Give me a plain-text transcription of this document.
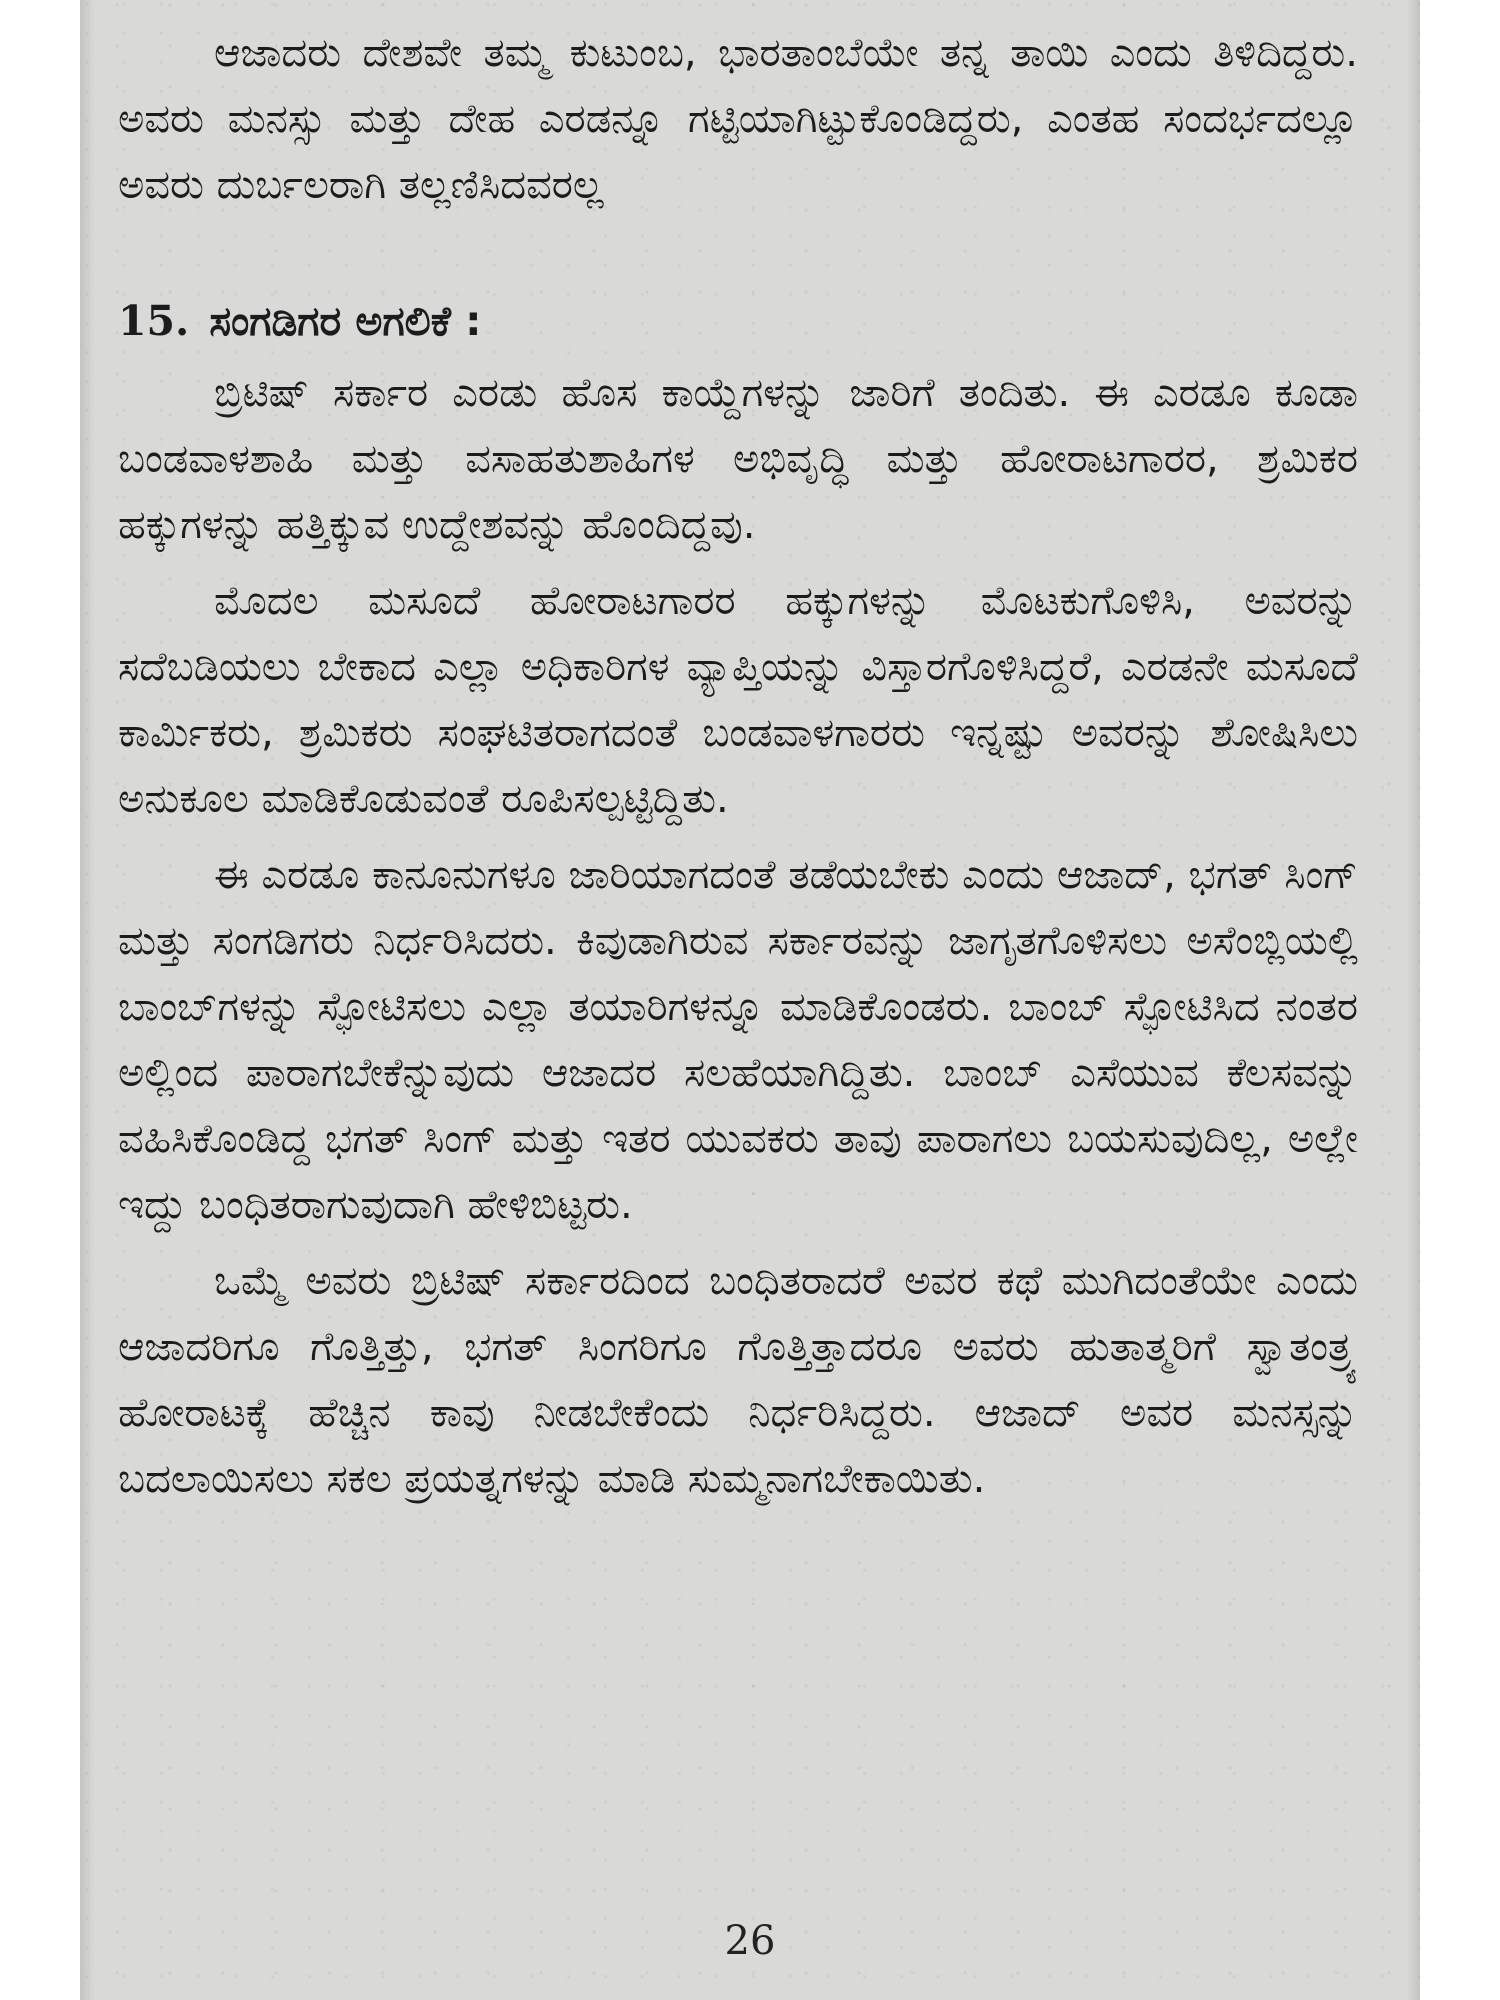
ಆಜಾದರು ದೇಶವೇ ತಮ್ಮ ಕುಟುಂಬ, ಭಾರತಾಂಬೆಯೇ ತನ್ನ ತಾಯಿ ಎಂದು ತಿಳಿದಿದ್ದರು. ಅವರು ಮನಸ್ಸು ಮತ್ತು ದೇಹ ಎರಡನ್ನೂ ಗಟ್ಟಿಯಾಗಿಟ್ಟುಕೊಂಡಿದ್ದರು, ಎಂತಹ ಸಂದರ್ಭದಲ್ಲೂ ಅವರು ದುರ್ಬಲರಾಗಿ ತಲ್ಲಣಿಸಿದವರಲ್ಲ

15. ಸಂಗಡಿಗರ ಅಗಲಿಕೆ :

ಬ್ರಿಟಿಷ್ ಸರ್ಕಾರ ಎರಡು ಹೊಸ ಕಾಯ್ದೆಗಳನ್ನು ಜಾರಿಗೆ ತಂದಿತು. ಈ ಎರಡೂ ಕೂಡಾ ಬಂಡವಾಳಶಾಹಿ ಮತ್ತು ವಸಾಹತುಶಾಹಿಗಳ ಅಭಿವೃದ್ಧಿ ಮತ್ತು ಹೋರಾಟಗಾರರ, ಶ್ರಮಿಕರ ಹಕ್ಕುಗಳನ್ನು ಹತ್ತಿಕ್ಕುವ ಉದ್ದೇಶವನ್ನು ಹೊಂದಿದ್ದವು.

ಮೊದಲ ಮಸೂದೆ ಹೋರಾಟಗಾರರ ಹಕ್ಕುಗಳನ್ನು ಮೊಟಕುಗೊಳಿಸಿ, ಅವರನ್ನು ಸದೆಬಡಿಯಲು ಬೇಕಾದ ಎಲ್ಲಾ ಅಧಿಕಾರಿಗಳ ವ್ಯಾಪ್ತಿಯನ್ನು ವಿಸ್ತಾರಗೊಳಿಸಿದ್ದರೆ, ಎರಡನೇ ಮಸೂದೆ ಕಾರ್ಮಿಕರು, ಶ್ರಮಿಕರು ಸಂಘಟಿತರಾಗದಂತೆ ಬಂಡವಾಳಗಾರರು ಇನ್ನಷ್ಟು ಅವರನ್ನು ಶೋಷಿಸಿಲು ಅನುಕೂಲ ಮಾಡಿಕೊಡುವಂತೆ ರೂಪಿಸಲ್ಪಟ್ಟಿದ್ದಿತು.

ಈ ಎರಡೂ ಕಾನೂನುಗಳೂ ಜಾರಿಯಾಗದಂತೆ ತಡೆಯಬೇಕು ಎಂದು ಆಜಾದ್, ಭಗತ್ ಸಿಂಗ್ ಮತ್ತು ಸಂಗಡಿಗರು ನಿರ್ಧರಿಸಿದರು. ಕಿವುಡಾಗಿರುವ ಸರ್ಕಾರವನ್ನು ಜಾಗೃತಗೊಳಿಸಲು ಅಸೆಂಬ್ಲಿಯಲ್ಲಿ ಬಾಂಬ್‌ಗಳನ್ನು ಸ್ಫೋಟಿಸಲು ಎಲ್ಲಾ ತಯಾರಿಗಳನ್ನೂ ಮಾಡಿಕೊಂಡರು. ಬಾಂಬ್ ಸ್ಫೋಟಿಸಿದ ನಂತರ ಅಲ್ಲಿಂದ ಪಾರಾಗಬೇಕೆನ್ನುವುದು ಆಜಾದರ ಸಲಹೆಯಾಗಿದ್ದಿತು. ಬಾಂಬ್ ಎಸೆಯುವ ಕೆಲಸವನ್ನು ವಹಿಸಿಕೊಂಡಿದ್ದ ಭಗತ್ ಸಿಂಗ್ ಮತ್ತು ಇತರ ಯುವಕರು ತಾವು ಪಾರಾಗಲು ಬಯಸುವುದಿಲ್ಲ, ಅಲ್ಲೇ ಇದ್ದು ಬಂಧಿತರಾಗುವುದಾಗಿ ಹೇಳಿಬಿಟ್ಟರು.

ಒಮ್ಮೆ ಅವರು ಬ್ರಿಟಿಷ್ ಸರ್ಕಾರದಿಂದ ಬಂಧಿತರಾದರೆ ಅವರ ಕಥೆ ಮುಗಿದಂತೆಯೇ ಎಂದು ಆಜಾದರಿಗೂ ಗೊತ್ತಿತ್ತು, ಭಗತ್ ಸಿಂಗರಿಗೂ ಗೊತ್ತಿತ್ತಾದರೂ ಅವರು ಹುತಾತ್ಮರಿಗೆ ಸ್ವಾತಂತ್ರ್ಯ ಹೋರಾಟಕ್ಕೆ ಹೆಚ್ಚಿನ ಕಾವು ನೀಡಬೇಕೆಂದು ನಿರ್ಧರಿಸಿದ್ದರು. ಆಜಾದ್ ಅವರ ಮನಸ್ಸನ್ನು ಬದಲಾಯಿಸಲು ಸಕಲ ಪ್ರಯತ್ನಗಳನ್ನು ಮಾಡಿ ಸುಮ್ಮನಾಗಬೇಕಾಯಿತು.

26
